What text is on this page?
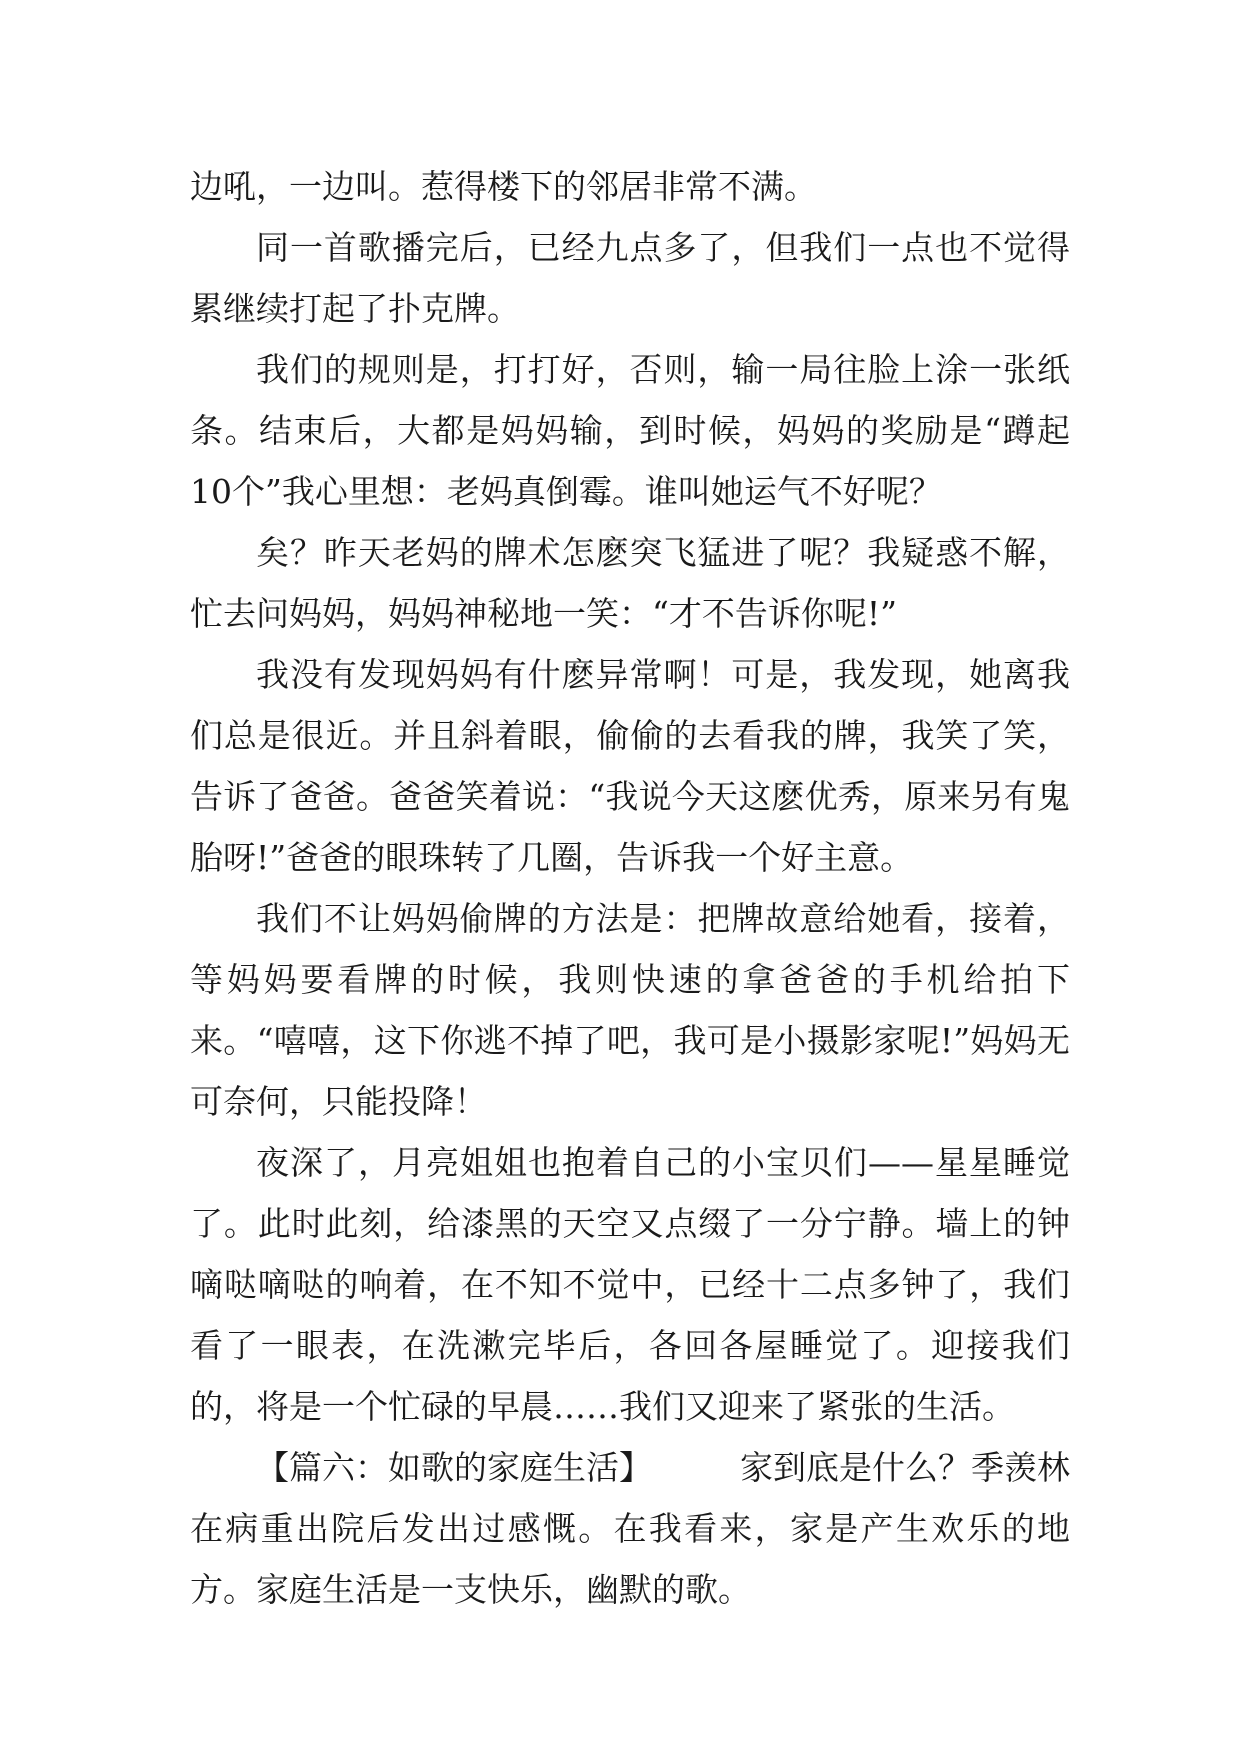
边吼，一边叫。惹得楼下的邻居非常不满。

同一首歌播完后，已经九点多了，但我们一点也不觉得累继续打起了扑克牌。

我们的规则是，打打好，否则，输一局往脸上涂一张纸条。结束后，大都是妈妈输，到时候，妈妈的奖励是“蹲起10个”我心里想：老妈真倒霉。谁叫她运气不好呢？

矣？昨天老妈的牌术怎麽突飞猛进了呢？我疑惑不解，忙去问妈妈，妈妈神秘地一笑：“才不告诉你呢!”

我没有发现妈妈有什麽异常啊！可是，我发现，她离我们总是很近。并且斜着眼，偷偷的去看我的牌，我笑了笑，告诉了爸爸。爸爸笑着说：“我说今天这麽优秀，原来另有鬼胎呀!”爸爸的眼珠转了几圈，告诉我一个好主意。

我们不让妈妈偷牌的方法是：把牌故意给她看，接着，等妈妈要看牌的时候，我则快速的拿爸爸的手机给拍下来。“嘻嘻，这下你逃不掉了吧，我可是小摄影家呢!”妈妈无可奈何，只能投降！

夜深了，月亮姐姐也抱着自己的小宝贝们——星星睡觉了。此时此刻，给漆黑的天空又点缀了一分宁静。墙上的钟嘀哒嘀哒的响着，在不知不觉中，已经十二点多钟了，我们看了一眼表，在洗漱完毕后，各回各屋睡觉了。迎接我们的，将是一个忙碌的早晨……我们又迎来了紧张的生活。

【篇六：如歌的家庭生活】	家到底是什么？季羡林在病重出院后发出过感慨。在我看来，家是产生欢乐的地方。家庭生活是一支快乐，幽默的歌。
